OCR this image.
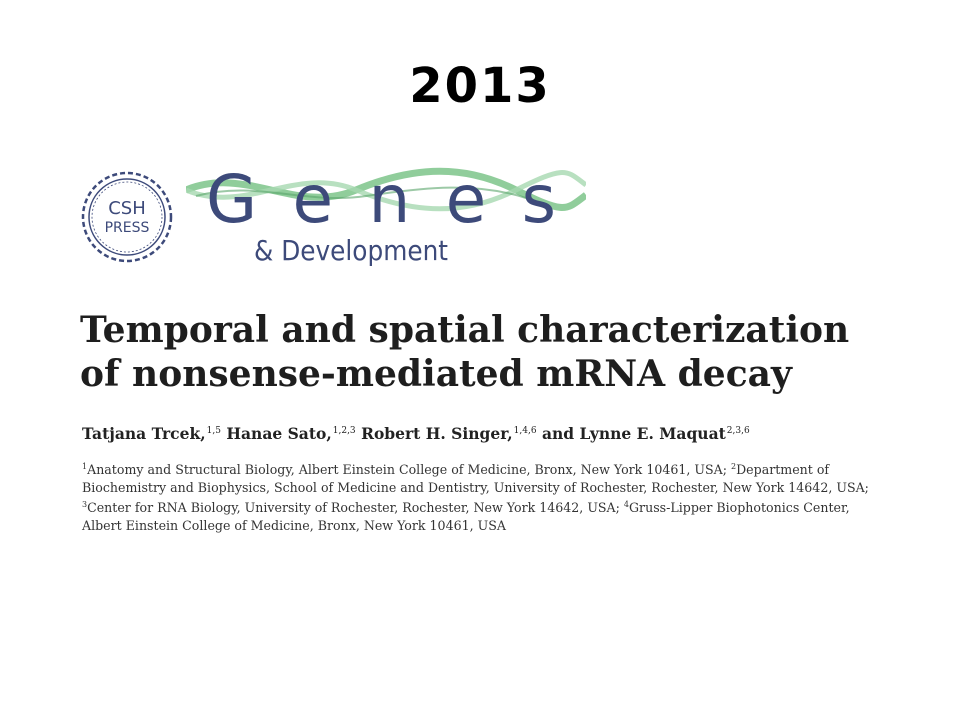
2013
CSH
PRESS Genes
& Development
Temporal and spatial characterization
of nonsense-mediated mRNA decay
Tatjana Trcek,$^{1,5}$ Hanae Sato,$^{1,2,3}$ Robert H. Singer,$^{1,4,6}$ and Lynne E. Maquat$^{2,3,6}$
$^1$Anatomy and Structural Biology, Albert Einstein College of Medicine, Bronx, New York 10461, USA; $^2$Department of
Biochemistry and Biophysics, School of Medicine and Dentistry, University of Rochester, Rochester, New York 14642, USA;
$^3$Center for RNA Biology, University of Rochester, Rochester, New York 14642, USA; $^4$Gruss-Lipper Biophotonics Center,
Albert Einstein College of Medicine, Bronx, New York 10461, USA
